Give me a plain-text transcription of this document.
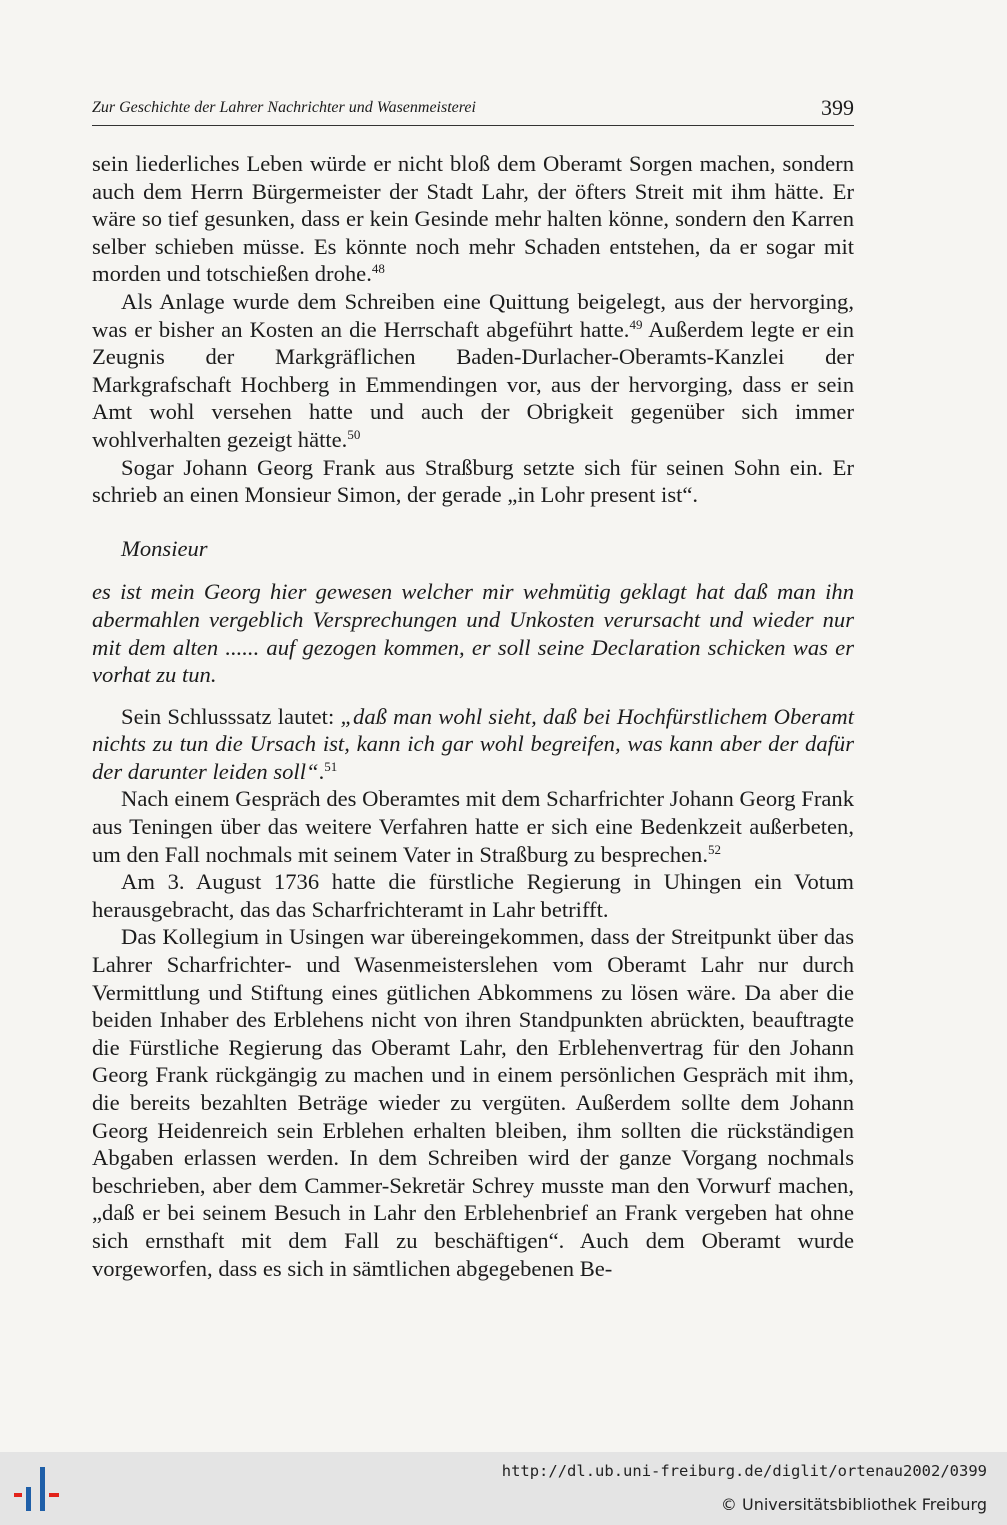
Zur Geschichte der Lahrer Nachrichter und Wasenmeisterei	399

sein liederliches Leben würde er nicht bloß dem Oberamt Sorgen machen, sondern auch dem Herrn Bürgermeister der Stadt Lahr, der öfters Streit mit ihm hätte. Er wäre so tief gesunken, dass er kein Gesinde mehr halten könne, sondern den Karren selber schieben müsse. Es könnte noch mehr Schaden entstehen, da er sogar mit morden und totschießen drohe.$^{48}$

Als Anlage wurde dem Schreiben eine Quittung beigelegt, aus der hervorging, was er bisher an Kosten an die Herrschaft abgeführt hatte.$^{49}$ Außerdem legte er ein Zeugnis der Markgräflichen Baden-Durlacher-Oberamts-Kanzlei der Markgrafschaft Hochberg in Emmendingen vor, aus der hervorging, dass er sein Amt wohl versehen hatte und auch der Obrigkeit gegenüber sich immer wohlverhalten gezeigt hätte.$^{50}$

Sogar Johann Georg Frank aus Straßburg setzte sich für seinen Sohn ein. Er schrieb an einen Monsieur Simon, der gerade „in Lohr present ist“.

Monsieur

es ist mein Georg hier gewesen welcher mir wehmütig geklagt hat daß man ihn abermahlen vergeblich Versprechungen und Unkosten verursacht und wieder nur mit dem alten ...... auf gezogen kommen, er soll seine Declaration schicken was er vorhat zu tun.

Sein Schlusssatz lautet: „daß man wohl sieht, daß bei Hochfürstlichem Oberamt nichts zu tun die Ursach ist, kann ich gar wohl begreifen, was kann aber der dafür der darunter leiden soll“.$^{51}$

Nach einem Gespräch des Oberamtes mit dem Scharfrichter Johann Georg Frank aus Teningen über das weitere Verfahren hatte er sich eine Bedenkzeit außerbeten, um den Fall nochmals mit seinem Vater in Straßburg zu besprechen.$^{52}$

Am 3. August 1736 hatte die fürstliche Regierung in Uhingen ein Votum herausgebracht, das das Scharfrichteramt in Lahr betrifft.

Das Kollegium in Usingen war übereingekommen, dass der Streitpunkt über das Lahrer Scharfrichter- und Wasenmeisterslehen vom Oberamt Lahr nur durch Vermittlung und Stiftung eines gütlichen Abkommens zu lösen wäre. Da aber die beiden Inhaber des Erblehens nicht von ihren Standpunkten abrückten, beauftragte die Fürstliche Regierung das Oberamt Lahr, den Erblehenvertrag für den Johann Georg Frank rückgängig zu machen und in einem persönlichen Gespräch mit ihm, die bereits bezahlten Beträge wieder zu vergüten. Außerdem sollte dem Johann Georg Heidenreich sein Erblehen erhalten bleiben, ihm sollten die rückständigen Abgaben erlassen werden. In dem Schreiben wird der ganze Vorgang nochmals beschrieben, aber dem Cammer-Sekretär Schrey musste man den Vorwurf machen, „daß er bei seinem Besuch in Lahr den Erblehenbrief an Frank vergeben hat ohne sich ernsthaft mit dem Fall zu beschäftigen“. Auch dem Oberamt wurde vorgeworfen, dass es sich in sämtlichen abgegebenen Be-

http://dl.ub.uni-freiburg.de/diglit/ortenau2002/0399
© Universitätsbibliothek Freiburg
